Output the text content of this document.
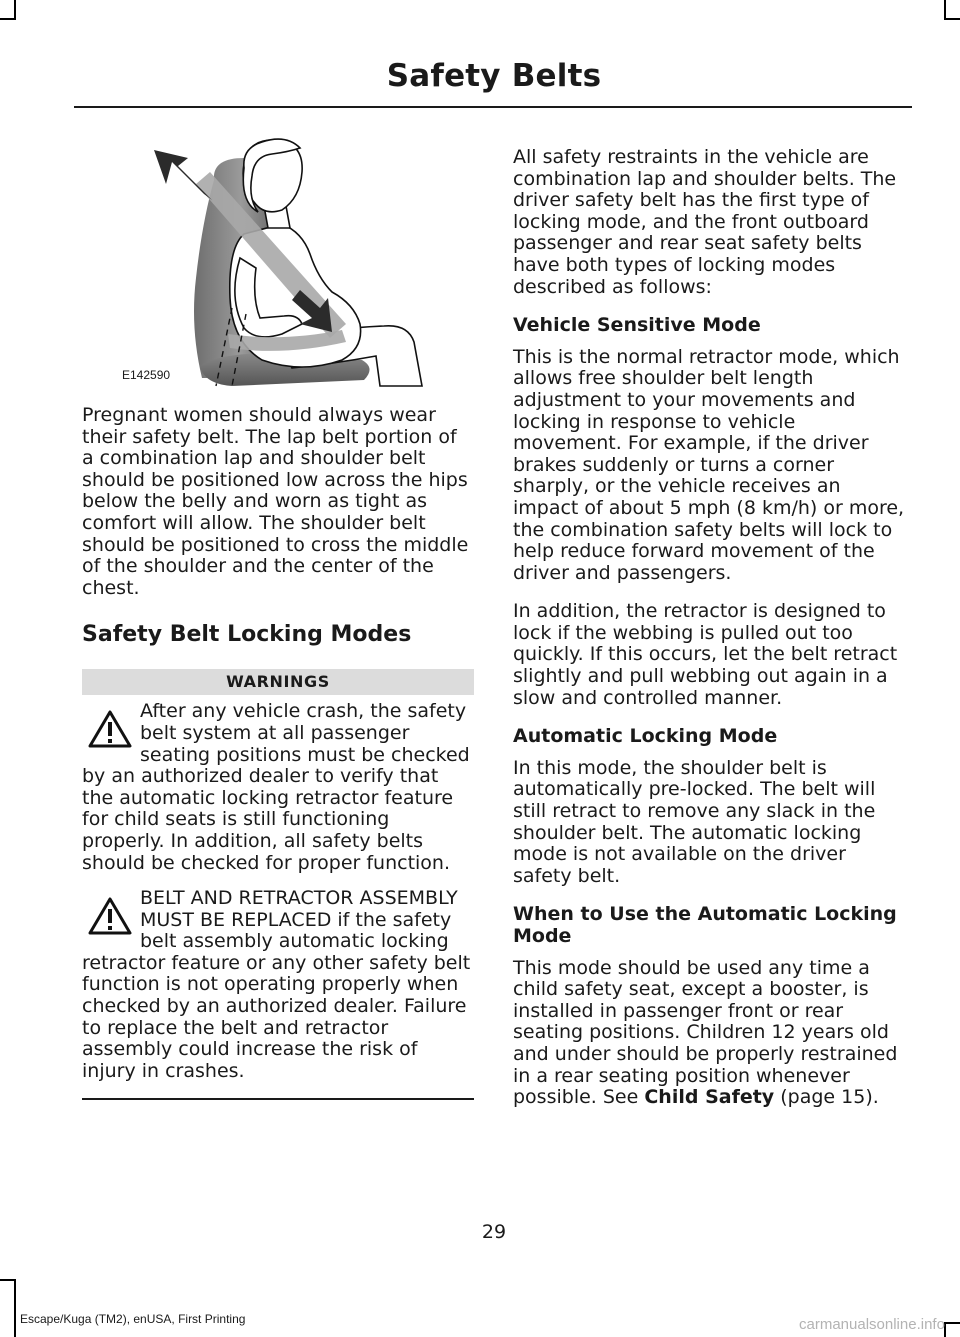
Safety Belts
E142590

Pregnant women should always wear their safety belt. The lap belt portion of a combination lap and shoulder belt should be positioned low across the hips below the belly and worn as tight as comfort will allow. The shoulder belt should be positioned to cross the middle of the shoulder and the center of the chest.

Safety Belt Locking Modes
WARNINGS
After any vehicle crash, the safety belt system at all passenger seating positions must be checked by an authorized dealer to verify that the automatic locking retractor feature for child seats is still functioning properly. In addition, all safety belts should be checked for proper function.
BELT AND RETRACTOR ASSEMBLY MUST BE REPLACED if the safety belt assembly automatic locking retractor feature or any other safety belt function is not operating properly when checked by an authorized dealer. Failure to replace the belt and retractor assembly could increase the risk of injury in crashes.

All safety restraints in the vehicle are combination lap and shoulder belts. The driver safety belt has the first type of locking mode, and the front outboard passenger and rear seat safety belts have both types of locking modes described as follows:

Vehicle Sensitive Mode

This is the normal retractor mode, which allows free shoulder belt length adjustment to your movements and locking in response to vehicle movement. For example, if the driver brakes suddenly or turns a corner sharply, or the vehicle receives an impact of about 5 mph (8 km/h) or more, the combination safety belts will lock to help reduce forward movement of the driver and passengers.

In addition, the retractor is designed to lock if the webbing is pulled out too quickly. If this occurs, let the belt retract slightly and pull webbing out again in a slow and controlled manner.

Automatic Locking Mode

In this mode, the shoulder belt is automatically pre-locked. The belt will still retract to remove any slack in the shoulder belt. The automatic locking mode is not available on the driver safety belt.

When to Use the Automatic Locking Mode

This mode should be used any time a child safety seat, except a booster, is installed in passenger front or rear seating positions. Children 12 years old and under should be properly restrained in a rear seating position whenever possible. See Child Safety (page 15).

29
Escape/Kuga (TM2), enUSA, First Printing	carmanualsonline.info
